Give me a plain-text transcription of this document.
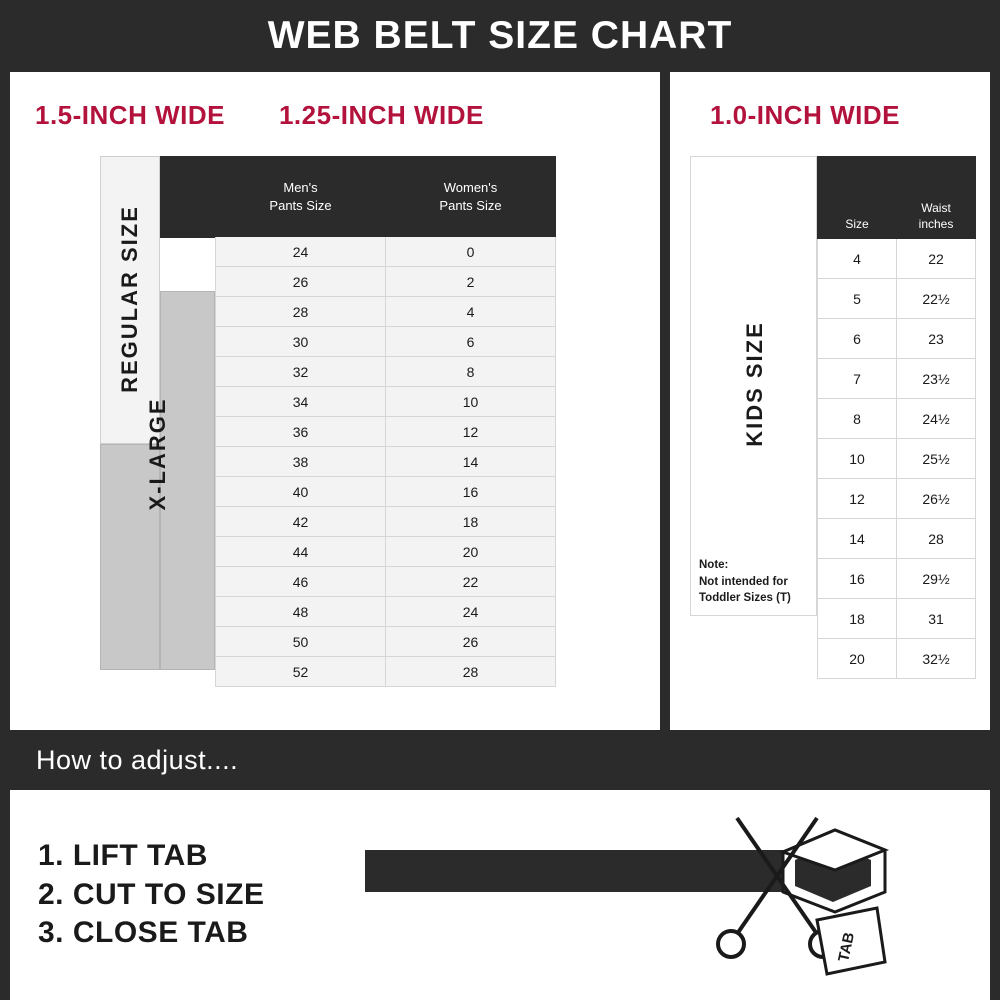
WEB BELT SIZE CHART
1.5-INCH WIDE 1.25-INCH WIDE
REGULAR SIZE
X-LARGE
Men's
Pants Size

Women's
Pants Size

24	0
26	2
28	4
30	6
32	8
34	10
36	12
38	14
40	16
42	18
44	20
46	22
48	24
50	26
52	28
1.0-INCH WIDE
Note:
Not intended for
Toddler Sizes (T)
KIDS SIZE
Size	Waist
inches

4	22
5	22½
6	23
7	23½
8	24½
10	25½
12	26½
14	28
16	29½
18	31
20	32½
How to adjust....
1. LIFT TAB
2. CUT TO SIZE
3. CLOSE TAB	TAB
